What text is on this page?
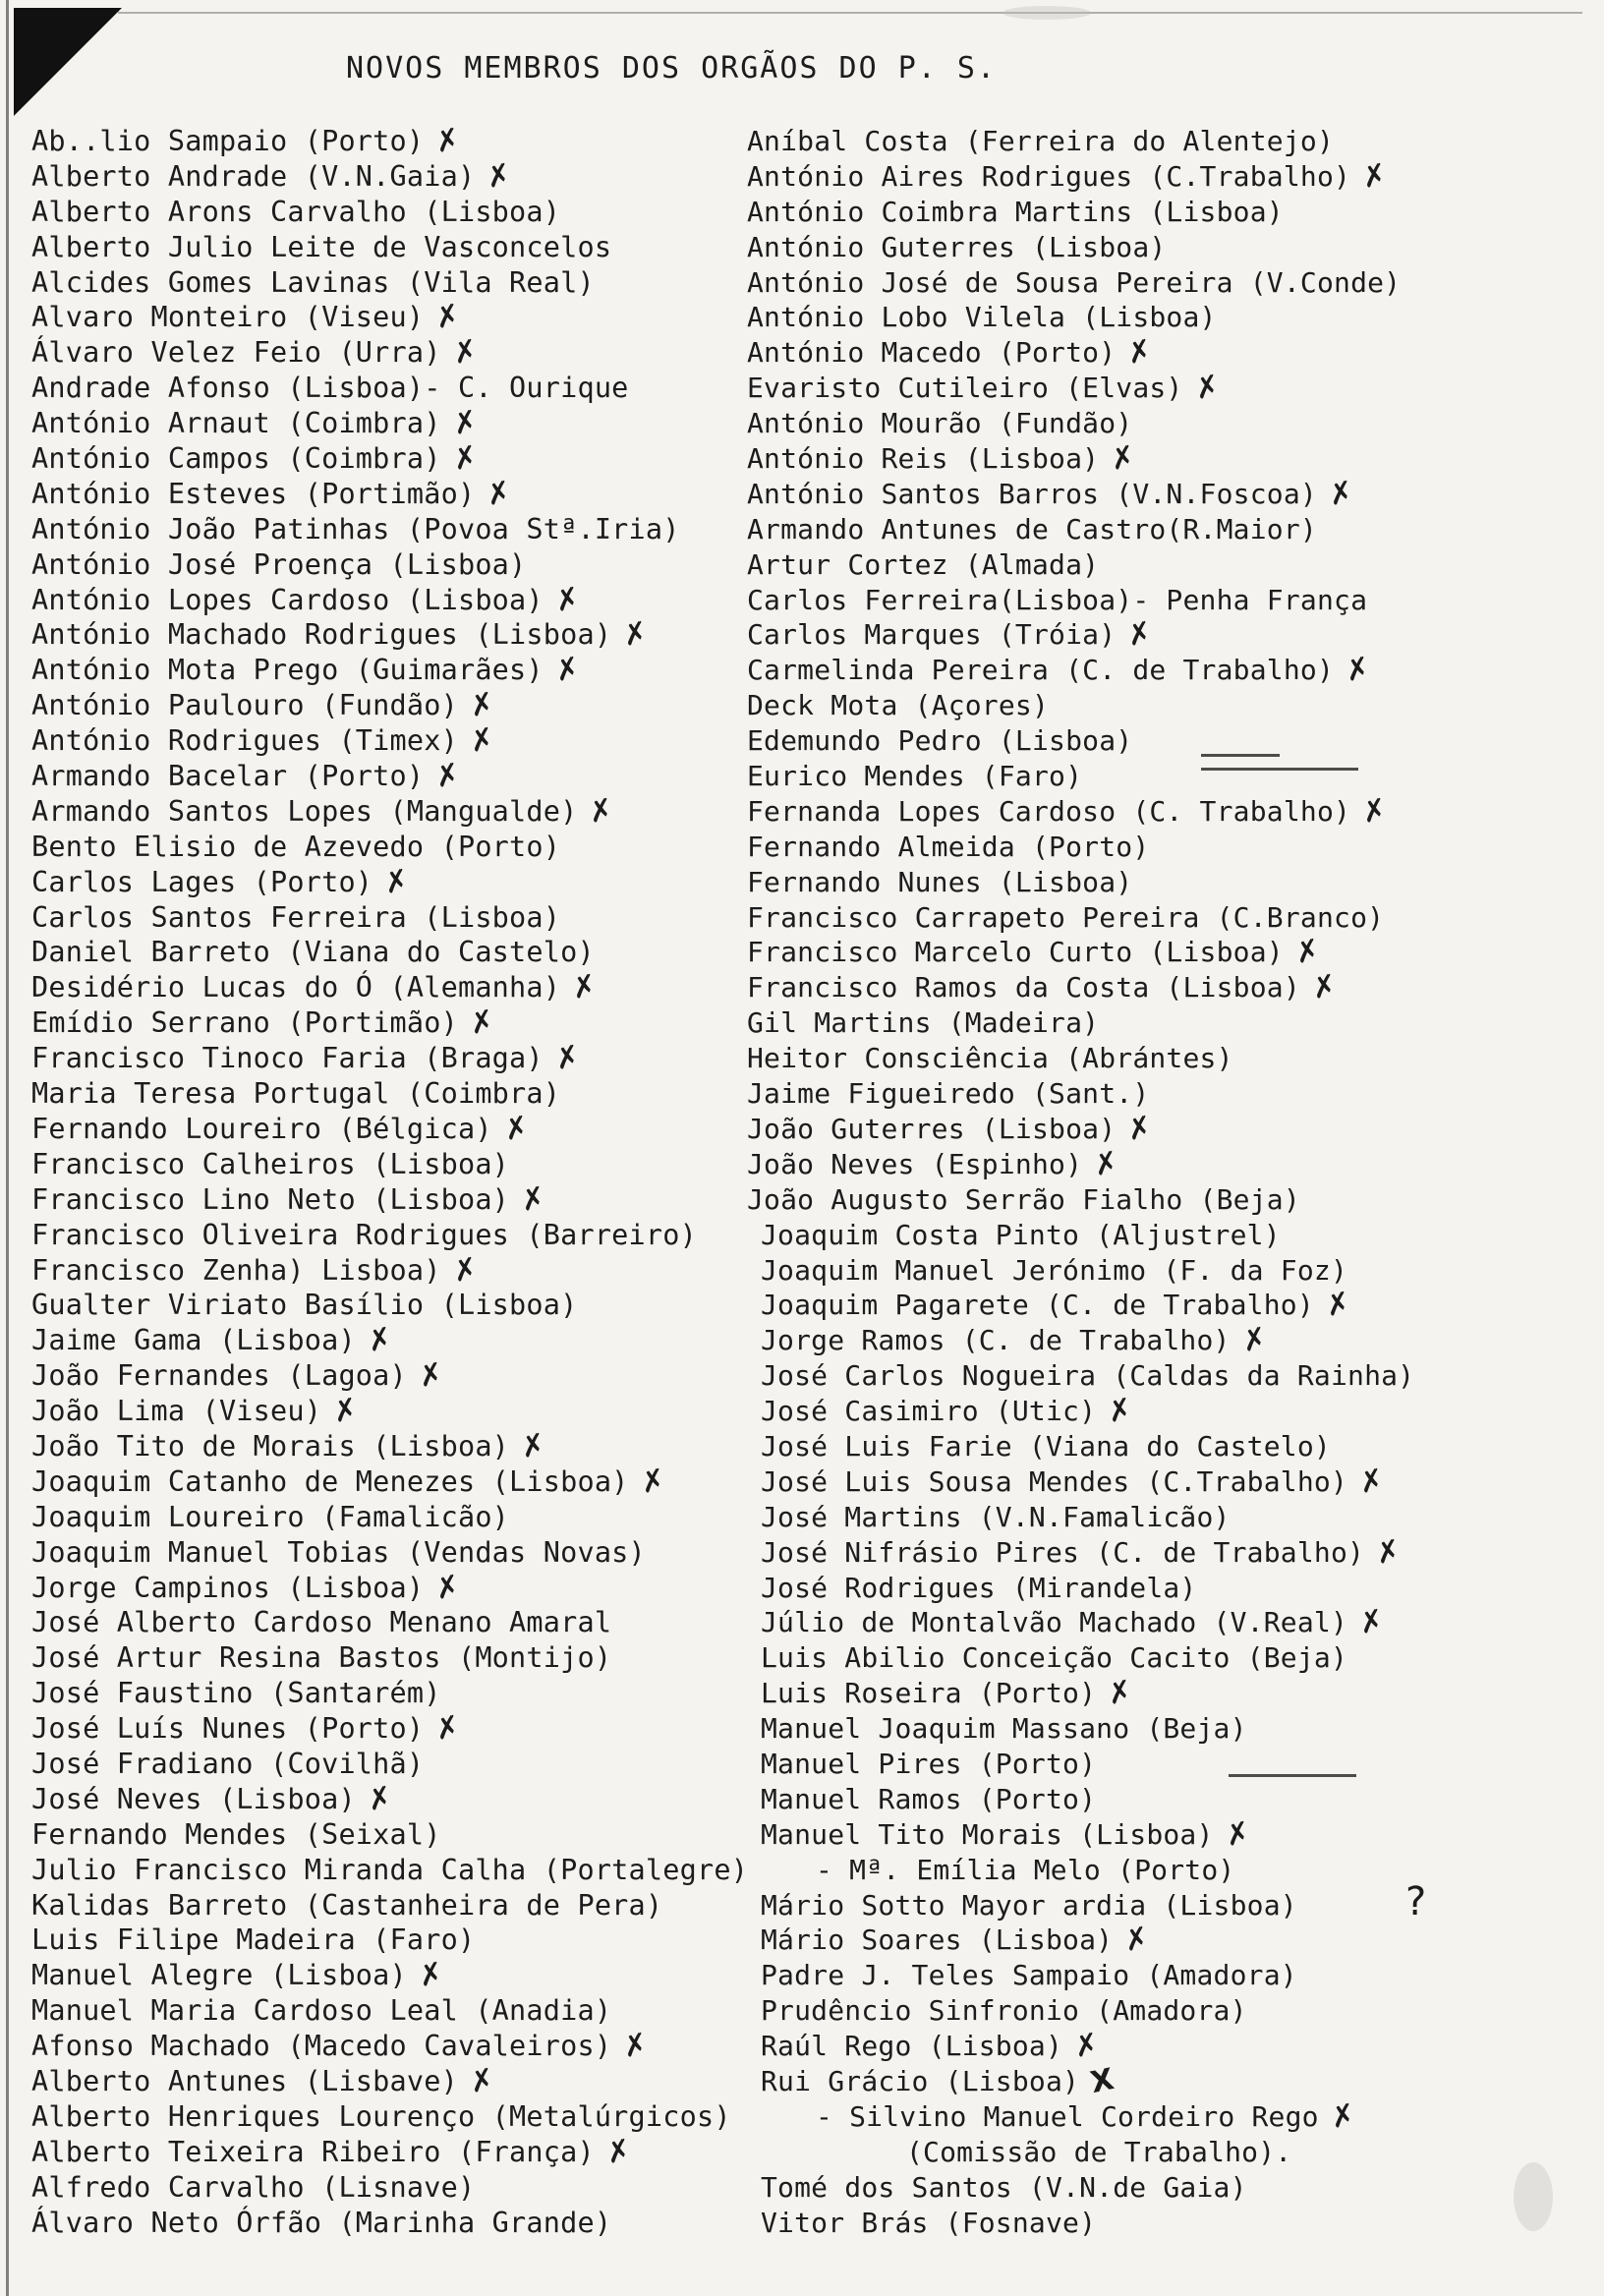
NOVOS MEMBROS DOS ORGÃOS DO P. S.
Ab..lio Sampaio (Porto) ✗
Alberto Andrade (V.N.Gaia) ✗
Alberto Arons Carvalho (Lisboa)
Alberto Julio Leite de Vasconcelos
Alcides Gomes Lavinas (Vila Real)
Alvaro Monteiro (Viseu) ✗
Álvaro Velez Feio (Urra) ✗
Andrade Afonso (Lisboa)- C. Ourique
António Arnaut (Coimbra) ✗
António Campos (Coimbra) ✗
António Esteves (Portimão) ✗
António João Patinhas (Povoa Stª.Iria)
António José Proença (Lisboa)
António Lopes Cardoso (Lisboa) ✗
António Machado Rodrigues (Lisboa) ✗
António Mota Prego (Guimarães) ✗
António Paulouro (Fundão) ✗
António Rodrigues (Timex) ✗
Armando Bacelar (Porto) ✗
Armando Santos Lopes (Mangualde) ✗
Bento Elisio de Azevedo (Porto)
Carlos Lages (Porto) ✗
Carlos Santos Ferreira (Lisboa)
Daniel Barreto (Viana do Castelo)
Desidério Lucas do Ó (Alemanha) ✗
Emídio Serrano (Portimão) ✗
Francisco Tinoco Faria (Braga) ✗
Maria Teresa Portugal (Coimbra)
Fernando Loureiro (Bélgica) ✗
Francisco Calheiros (Lisboa)
Francisco Lino Neto (Lisboa) ✗
Francisco Oliveira Rodrigues (Barreiro)
Francisco Zenha) Lisboa) ✗
Gualter Viriato Basílio (Lisboa)
Jaime Gama (Lisboa) ✗
João Fernandes (Lagoa) ✗
João Lima (Viseu) ✗
João Tito de Morais (Lisboa) ✗
Joaquim Catanho de Menezes (Lisboa) ✗
Joaquim Loureiro (Famalicão)
Joaquim Manuel Tobias (Vendas Novas)
Jorge Campinos (Lisboa) ✗
José Alberto Cardoso Menano Amaral
José Artur Resina Bastos (Montijo)
José Faustino (Santarém)
José Luís Nunes (Porto) ✗
José Fradiano (Covilhã)
José Neves (Lisboa) ✗
Fernando Mendes (Seixal)
Julio Francisco Miranda Calha (Portalegre)
Kalidas Barreto (Castanheira de Pera)
Luis Filipe Madeira (Faro)
Manuel Alegre (Lisboa) ✗
Manuel Maria Cardoso Leal (Anadia)
Afonso Machado (Macedo Cavaleiros) ✗
Alberto Antunes (Lisbave) ✗
Alberto Henriques Lourenço (Metalúrgicos)
Alberto Teixeira Ribeiro (França) ✗
Alfredo Carvalho (Lisnave)
Álvaro Neto Órfão (Marinha Grande)
Aníbal Costa (Ferreira do Alentejo)
António Aires Rodrigues (C.Trabalho) ✗
António Coimbra Martins (Lisboa)
António Guterres (Lisboa)
António José de Sousa Pereira (V.Conde)
António Lobo Vilela (Lisboa)
António Macedo (Porto) ✗
Evaristo Cutileiro (Elvas) ✗
António Mourão (Fundão)
António Reis (Lisboa) ✗
António Santos Barros (V.N.Foscoa) ✗
Armando Antunes de Castro(R.Maior)
Artur Cortez (Almada)
Carlos Ferreira(Lisboa)- Penha França
Carlos Marques (Tróia) ✗
Carmelinda Pereira (C. de Trabalho) ✗
Deck Mota (Açores)
Edemundo Pedro (Lisboa)
Eurico Mendes (Faro)
Fernanda Lopes Cardoso (C. Trabalho) ✗
Fernando Almeida (Porto)
Fernando Nunes (Lisboa)
Francisco Carrapeto Pereira (C.Branco)
Francisco Marcelo Curto (Lisboa) ✗
Francisco Ramos da Costa (Lisboa) ✗
Gil Martins (Madeira)
Heitor Consciência (Abrántes)
Jaime Figueiredo (Sant.)
João Guterres (Lisboa) ✗
João Neves (Espinho) ✗
João Augusto Serrão Fialho (Beja)
Joaquim Costa Pinto (Aljustrel)
Joaquim Manuel Jerónimo (F. da Foz)
Joaquim Pagarete (C. de Trabalho) ✗
Jorge Ramos (C. de Trabalho) ✗
José Carlos Nogueira (Caldas da Rainha)
José Casimiro (Utic) ✗
José Luis Farie (Viana do Castelo)
José Luis Sousa Mendes (C.Trabalho) ✗
José Martins (V.N.Famalicão)
José Nifrásio Pires (C. de Trabalho) ✗
José Rodrigues (Mirandela)
Júlio de Montalvão Machado (V.Real) ✗
Luis Abilio Conceição Cacito (Beja)
Luis Roseira (Porto) ✗
Manuel Joaquim Massano (Beja)
Manuel Pires (Porto)
Manuel Ramos (Porto)
Manuel Tito Morais (Lisboa) ✗
- Mª. Emília Melo (Porto)
Mário Sotto Mayor ardia (Lisboa)
Mário Soares (Lisboa) ✗
Padre J. Teles Sampaio (Amadora)
Prudêncio Sinfronio (Amadora)
Raúl Rego (Lisboa) ✗
Rui Grácio (Lisboa) X
- Silvino Manuel Cordeiro Rego ✗
(Comissão de Trabalho).
Tomé dos Santos (V.N.de Gaia)
Vitor Brás (Fosnave)
?
